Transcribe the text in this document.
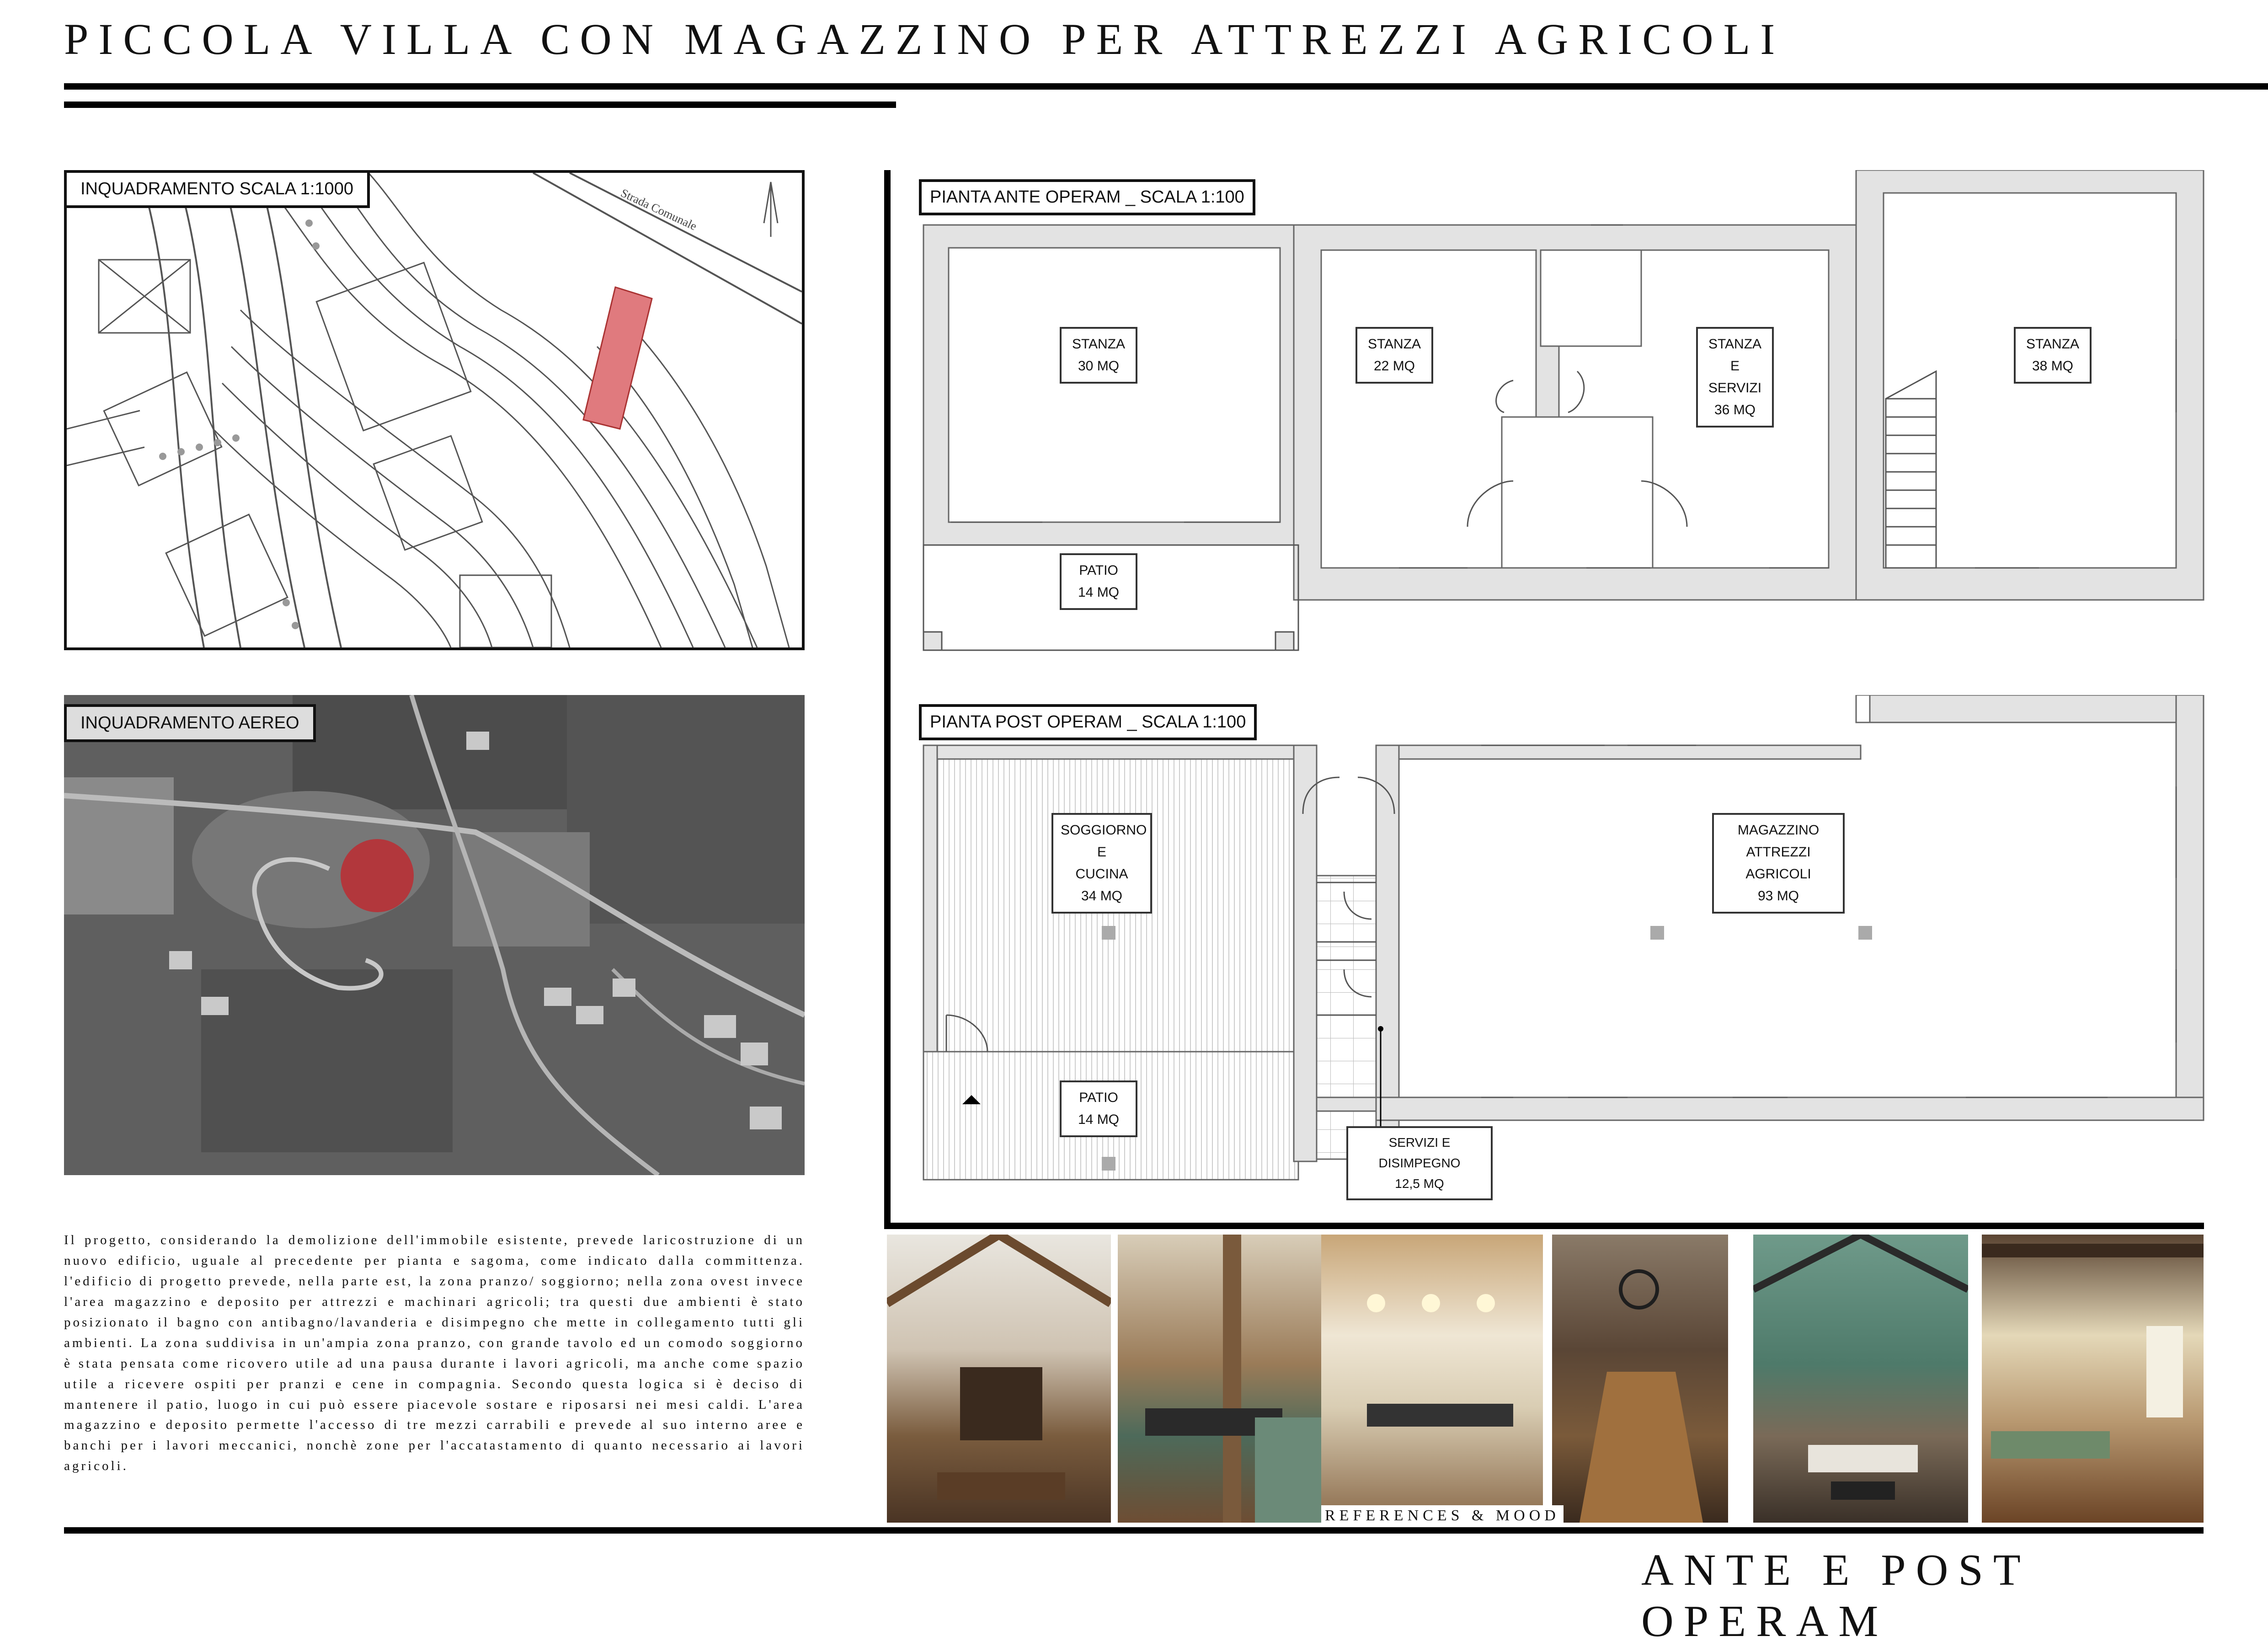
PICCOLA VILLA CON MAGAZZINO PER ATTREZZI AGRICOLI
Strada Comunale
INQUADRAMENTO SCALA 1:1000
INQUADRAMENTO AEREO
Il progetto, considerando la demolizione dell'immobile esistente, prevede laricostruzione di un nuovo edificio, uguale al precedente per pianta e sagoma, come indicato dalla committenza. l'edificio di progetto prevede, nella parte est, la zona pranzo/ soggiorno; nella zona ovest invece l'area magazzino e deposito per attrezzi e machinari agricoli; tra questi due ambienti è stato posizionato il bagno con antibagno/lavanderia e disimpegno che mette in collegamento tutti gli ambienti. La zona suddivisa in un'ampia zona pranzo, con grande tavolo ed un comodo soggiorno è stata pensata come ricovero utile ad una pausa durante i lavori agricoli, ma anche come spazio utile a ricevere ospiti per pranzi e cene in compagnia. Secondo questa logica si è deciso di mantenere il patio, luogo in cui può essere piacevole sostare e riposarsi nei mesi caldi. L'area magazzino e deposito permette l'accesso di tre mezzi carrabili e prevede al suo interno aree e banchi per i lavori meccanici, nonchè zone per l'accatastamento di quanto necessario ai lavori agricoli.
PIANTA ANTE OPERAM _ SCALA 1:100
STANZA
30 MQ
STANZA
22 MQ
STANZA E
SERVIZI
36 MQ
STANZA
38 MQ
PATIO
14 MQ
PIANTA POST OPERAM _ SCALA 1:100
SOGGIORNO E
CUCINA
34 MQ
MAGAZZINO
ATTREZZI AGRICOLI
93 MQ
PATIO
14 MQ
SERVIZI E DISIMPEGNO
12,5 MQ
REFERENCES & MOOD
ANTE E POST OPERAM
